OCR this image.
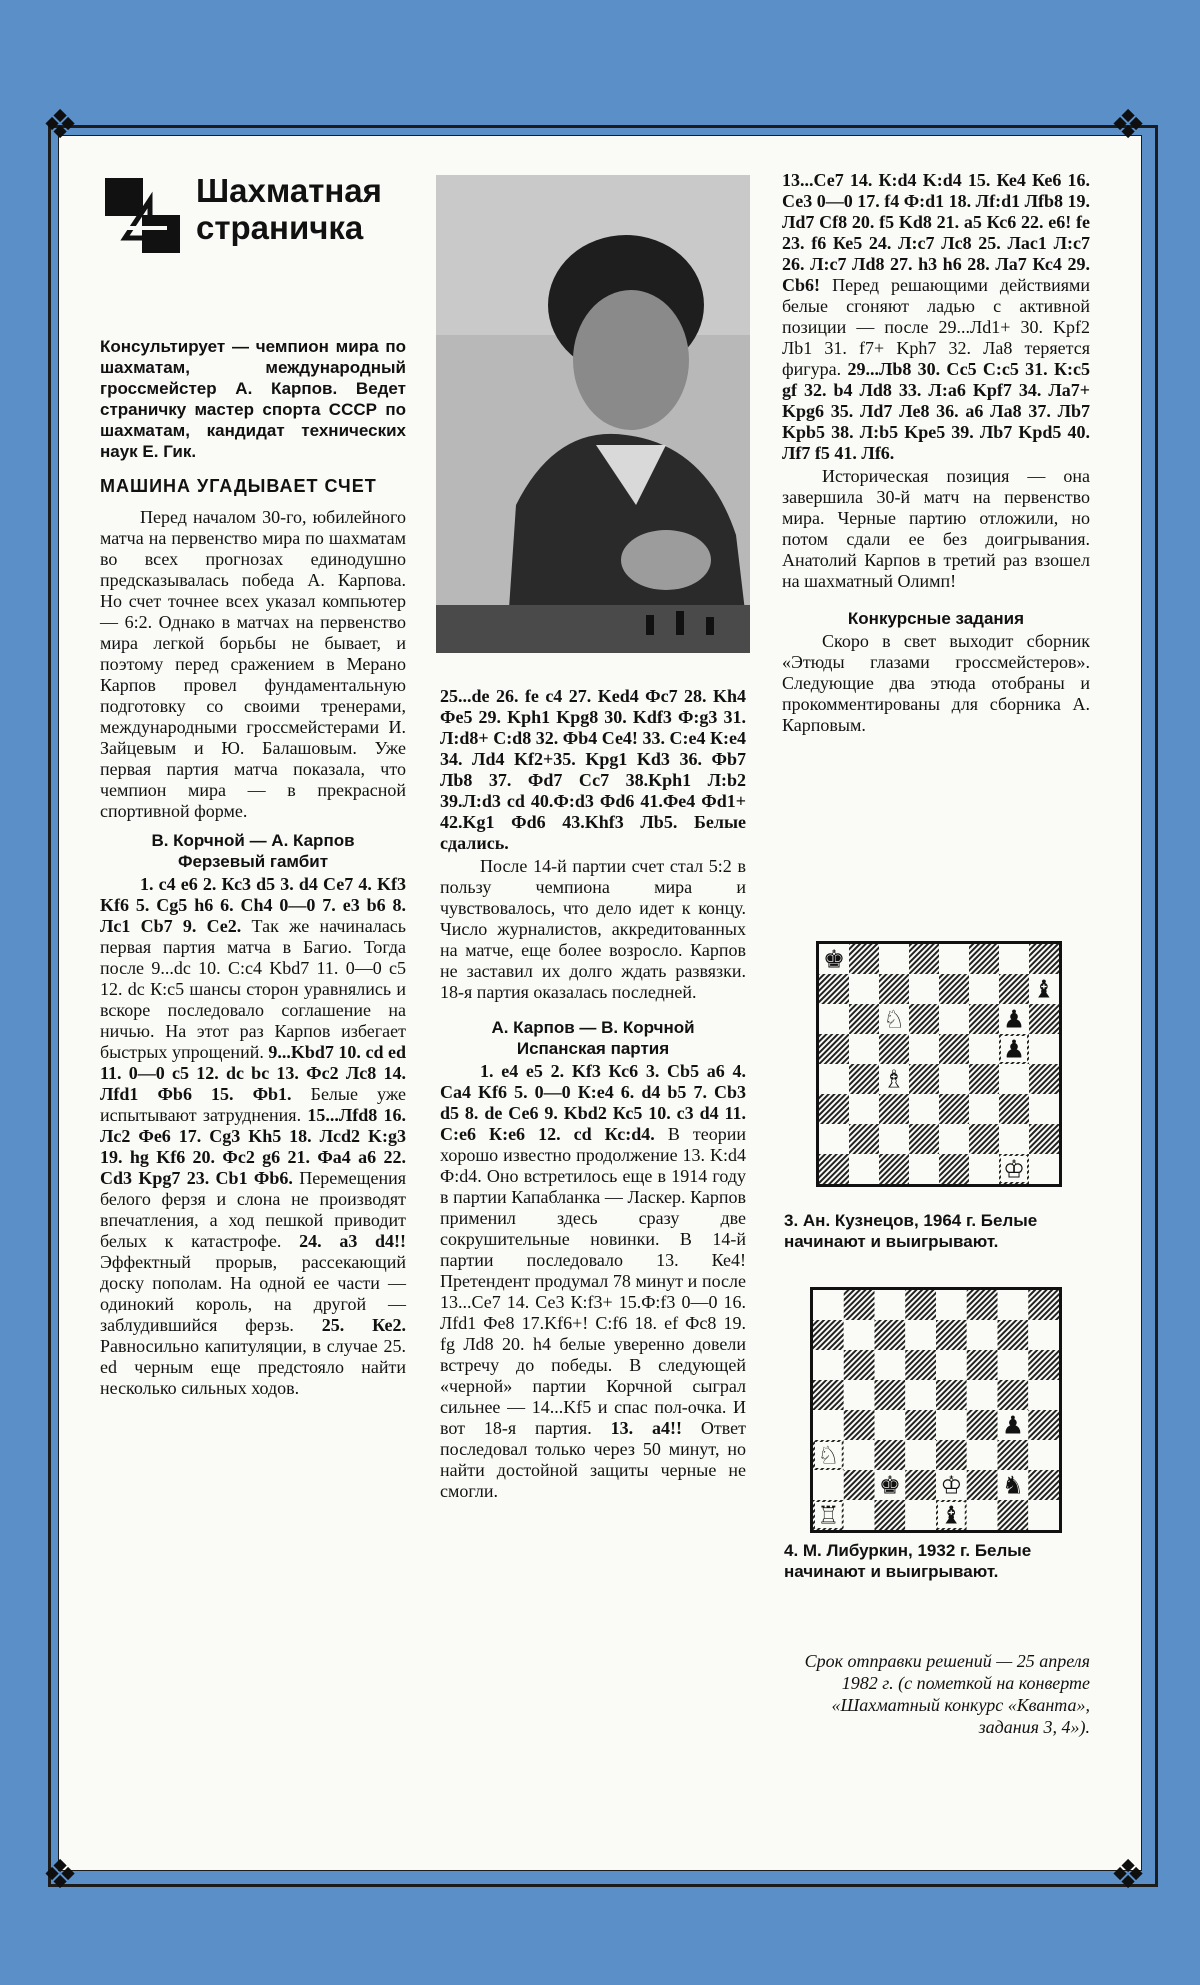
❖	❖
❖	❖
Шахматная
страничка

Консультирует — чемпион мира по шахматам, международный гроссмейстер А. Карпов. Ведет страничку мастер спорта СССР по шахматам, кандидат технических наук Е. Гик.

МАШИНА УГАДЫВАЕТ СЧЕТ

Перед началом 30-го, юбилейного матча на первенство мира по шахматам во всех прогнозах единодушно предсказывалась победа А. Карпова. Но счет точнее всех указал компьютер — 6:2. Однако в матчах на первенство мира легкой борьбы не бывает, и поэтому перед сражением в Мерано Карпов провел фундаментальную подготовку со своими тренерами, международными гроссмейстерами И. Зайцевым и Ю. Балашовым. Уже первая партия матча показала, что чемпион мира — в прекрасной спортивной форме.

В. Корчной — А. Карпов
Ферзевый гамбит

1. с4 е6 2. Кс3 d5 3. d4 Се7 4. Kf3 Kf6 5. Cg5 h6 6. Ch4 0—0 7. е3 b6 8. Лс1 Cb7 9. Се2. Так же начиналась первая партия матча в Багио. Тогда после 9...dc 10. С:с4 Kbd7 11. 0—0 с5 12. dc К:с5 шансы сторон уравнялись и вскоре последовало соглашение на ничью. На этот раз Карпов избегает быстрых упрощений. 9...Kbd7 10. cd ed 11. 0—0 с5 12. dc bc 13. Фс2 Лс8 14. Лfd1 Фb6 15. Фb1. Белые уже испытывают затруднения. 15...Лfd8 16. Лс2 Фе6 17. Cg3 Kh5 18. Лcd2 K:g3 19. hg Kf6 20. Фс2 g6 21. Фа4 а6 22. Cd3 Kpg7 23. Cb1 Фb6. Перемещения белого ферзя и слона не производят впечатления, а ход пешкой приводит белых к катастрофе. 24. а3 d4!! Эффектный прорыв, рассекающий доску пополам. На одной ее части — одинокий король, на другой — заблудившийся ферзь. 25. Ке2. Равносильно капитуляции, в случае 25. ed черным еще предстояло найти несколько сильных ходов.

25...de 26. fe с4 27. Ked4 Фс7 28. Kh4 Фе5 29. Kph1 Kpg8 30. Kdf3 Ф:g3 31. Л:d8+ С:d8 32. Фb4 Се4! 33. С:е4 К:е4 34. Лd4 Kf2+35. Kpg1 Kd3 36. Фb7 Лb8 37. Фd7 Сс7 38.Kph1 Л:b2 39.Л:d3 cd 40.Ф:d3 Фd6 41.Фе4 Фd1+ 42.Kg1 Фd6 43.Khf3 Лb5. Белые сдались.

После 14-й партии счет стал 5:2 в пользу чемпиона мира и чувствовалось, что дело идет к концу. Число журналистов, аккредитованных на матче, еще более возросло. Карпов не заставил их долго ждать развязки. 18-я партия оказалась последней.

А. Карпов — В. Корчной
Испанская партия

1. е4 е5 2. Kf3 Кс6 3. Cb5 а6 4. Са4 Kf6 5. 0—0 К:е4 6. d4 b5 7. Cb3 d5 8. de Се6 9. Kbd2 Кс5 10. с3 d4 11. С:е6 К:е6 12. cd Кс:d4. В теории хорошо известно продолжение 13. K:d4 Ф:d4. Оно встретилось еще в 1914 году в партии Капабланка — Ласкер. Карпов применил здесь сразу две сокрушительные новинки. В 14-й партии последовало 13. Ке4! Претендент продумал 78 минут и после 13...Се7 14. Се3 К:f3+ 15.Ф:f3 0—0 16. Лfd1 Фе8 17.Kf6+! С:f6 18. ef Фс8 19. fg Лd8 20. h4 белые уверенно довели встречу до победы. В следующей «черной» партии Корчной сыграл сильнее — 14...Kf5 и спас пол-очка. И вот 18-я партия. 13. а4!! Ответ последовал только через 50 минут, но найти достойной защиты черные не смогли.

13...Се7 14. К:d4 K:d4 15. Ке4 Ке6 16. Се3 0—0 17. f4 Ф:d1 18. Лf:d1 Лfb8 19. Лd7 Cf8 20. f5 Kd8 21. а5 Кс6 22. е6! fe 23. f6 Ке5 24. Л:с7 Лс8 25. Лас1 Л:с7 26. Л:с7 Лd8 27. h3 h6 28. Ла7 Кс4 29. Cb6! Перед решающими действиями белые сгоняют ладью с активной позиции — после 29...Лd1+ 30. Kpf2 Лb1 31. f7+ Kph7 32. Ла8 теряется фигура. 29...Лb8 30. Сс5 С:с5 31. К:с5 gf 32. b4 Лd8 33. Л:а6 Kpf7 34. Ла7+ Kpg6 35. Лd7 Ле8 36. а6 Ла8 37. Лb7 Kpb5 38. Л:b5 Kpe5 39. Лb7 Kpd5 40. Лf7 f5 41. Лf6.

Историческая позиция — она завершила 30-й матч на первенство мира. Черные партию отложили, но потом сдали ее без доигрывания. Анатолий Карпов в третий раз взошел на шахматный Олимп!

Конкурсные задания

Скоро в свет выходит сборник «Этюды глазами гроссмейстеров». Следующие два этюда отобраны и прокомментированы для сборника А. Карповым.

♚
♝
♟
♘
♟
♗
♔
3. Ан. Кузнецов, 1964 г. Белые начинают и выигрывают.
♟
♘
♚ ♔ ♞
♖	♝
4. М. Либуркин, 1932 г. Белые начинают и выигрывают.
Срок отправки решений — 25 апреля 1982 г. (с пометкой на конверте «Шахматный конкурс «Кванта», задания 3, 4»).
